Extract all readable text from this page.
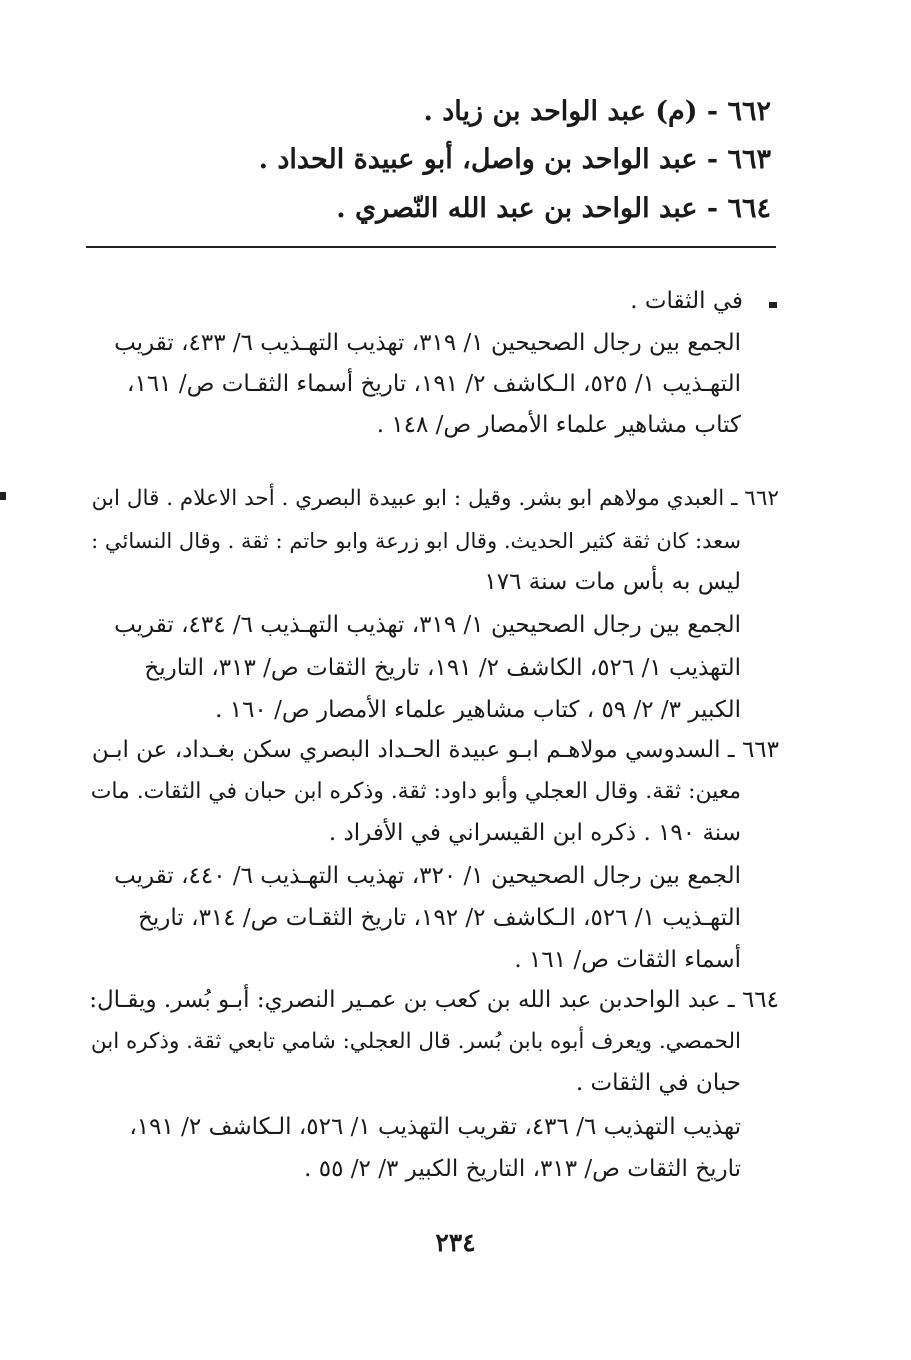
٦٦٢ - (م) عبد الواحد بن زياد .
٦٦٣ - عبد الواحد بن واصل، أبو عبيدة الحداد .
٦٦٤ - عبد الواحد بن عبد الله النّصري .
في الثقات .
الجمع بين رجال الصحيحين ١/ ٣١٩، تهذيب التهـذيب ٦/ ٤٣٣، تقريب
التهـذيب ١/ ٥٢٥، الـكاشف ٢/ ١٩١، تاريخ أسماء الثقـات ص/ ١٦١،
كتاب مشاهير علماء الأمصار ص/ ١٤٨ .
٦٦٢ ـ العبدي مولاهم ابو بشر. وقيل : ابو عبيدة البصري . أحد الاعلام . قال ابن
سعد: كان ثقة كثير الحديث. وقال ابو زرعة وابو حاتم : ثقة . وقال النسائي :
ليس به بأس مات سنة ١٧٦
الجمع بين رجال الصحيحين ١/ ٣١٩، تهذيب التهـذيب ٦/ ٤٣٤، تقريب
التهذيب ١/ ٥٢٦، الكاشف ٢/ ١٩١، تاريخ الثقات ص/ ٣١٣، التاريخ
الكبير ٣/ ٢/ ٥٩ ، كتاب مشاهير علماء الأمصار ص/ ١٦٠ .
٦٦٣ ـ السدوسي مولاهـم ابـو عبيدة الحـداد البصري سكن بغـداد، عن ابـن
معين: ثقة. وقال العجلي وأبو داود: ثقة. وذكره ابن حبان في الثقات. مات
سنة ١٩٠ . ذكره ابن القيسراني في الأفراد .
الجمع بين رجال الصحيحين ١/ ٣٢٠، تهذيب التهـذيب ٦/ ٤٤٠، تقريب
التهـذيب ١/ ٥٢٦، الـكاشف ٢/ ١٩٢، تاريخ الثقـات ص/ ٣١٤، تاريخ
أسماء الثقات ص/ ١٦١ .
٦٦٤ ـ عبد الواحدبن عبد الله بن كعب بن عمـير النصري: أبـو بُسر. ويقـال:
الحمصي. ويعرف أبوه بابن بُسر. قال العجلي: شامي تابعي ثقة. وذكره ابن
حبان في الثقات .
تهذيب التهذيب ٦/ ٤٣٦، تقريب التهذيب ١/ ٥٢٦، الـكاشف ٢/ ١٩١،
تاريخ الثقات ص/ ٣١٣، التاريخ الكبير ٣/ ٢/ ٥٥ .
٢٣٤
